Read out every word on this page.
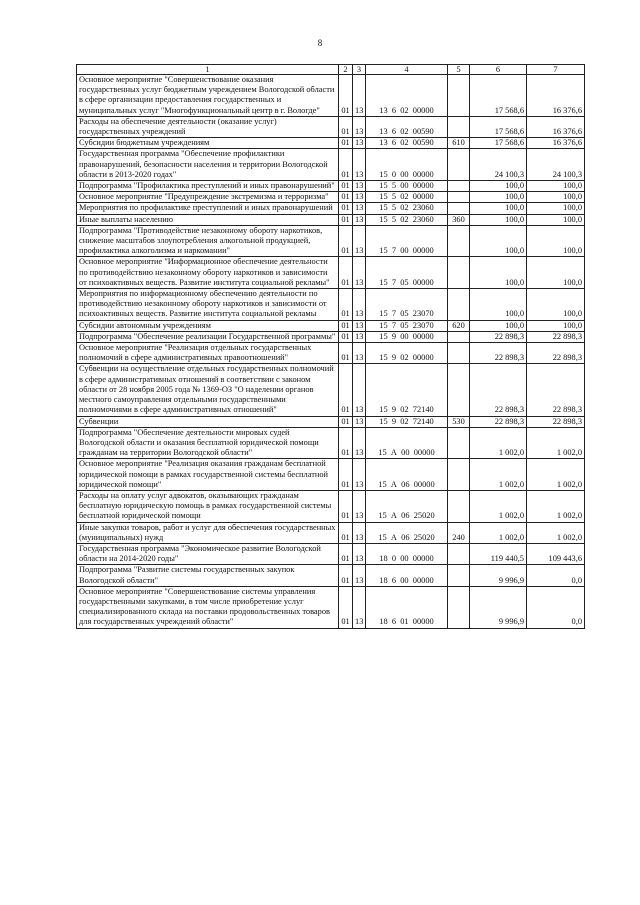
8
1	2	3	4	5	6	7
Основное мероприятие "Совершенствование оказания государственных услуг бюджетным учреждением Вологодской области в сфере организации предоставления государственных и муниципальных услуг "Многофункциональный центр в г. Вологде"	01	13	13  6  02  00000		17 568,6	16 376,6
Расходы на обеспечение деятельности (оказание услуг) государственных учреждений	01	13	13  6  02  00590		17 568,6	16 376,6
Субсидии бюджетным учреждениям	01	13	13  6  02  00590	610	17 568,6	16 376,6
Государственная программа "Обеспечение профилактики правонарушений, безопасности населения и территории Вологодской области в 2013-2020 годах"	01	13	15  0  00  00000		24 100,3	24 100,3
Подпрограмма "Профилактика преступлений и иных правонарушений"	01	13	15  5  00  00000		100,0	100,0
Основное мероприятие "Предупреждение экстремизма и терроризма"	01	13	15  5  02  00000		100,0	100,0
Мероприятия по профилактике преступлений и иных правонарушений	01	13	15  5  02  23060		100,0	100,0
Иные выплаты населению	01	13	15  5  02  23060	360	100,0	100,0
Подпрограмма "Противодействие незаконному обороту наркотиков, снижение масштабов злоупотребления алкогольной продукцией, профилактика алкоголизма и наркомании"	01	13	15  7  00  00000		100,0	100,0
Основное мероприятие "Информационное обеспечение деятельности по противодействию незаконному обороту наркотиков и зависимости от психоактивных веществ. Развитие института социальной рекламы"	01	13	15  7  05  00000		100,0	100,0
Мероприятия по информационному обеспечению деятельности по противодействию незаконному обороту наркотиков и зависимости от психоактивных веществ. Развитие института социальной рекламы	01	13	15  7  05  23070		100,0	100,0
Субсидии автономным учреждениям	01	13	15  7  05  23070	620	100,0	100,0
Подпрограмма "Обеспечение реализации Государственной программы"	01	13	15  9  00  00000		22 898,3	22 898,3
Основное мероприятие "Реализация отдельных государственных полномочий в сфере административных правоотношений"	01	13	15  9  02  00000		22 898,3	22 898,3
Субвенции на осуществление отдельных государственных полномочий в сфере административных отношений в соответствии с законом области от 28 ноября 2005 года № 1369-ОЗ "О наделении органов местного самоуправления отдельными государственными полномочиями в сфере административных отношений"	01	13	15  9  02  72140		22 898,3	22 898,3
Субвенции	01	13	15  9  02  72140	530	22 898,3	22 898,3
Подпрограмма "Обеспечение деятельности мировых судей Вологодской области и оказания бесплатной юридической помощи гражданам на территории Вологодской области"	01	13	15  А  00  00000		1 002,0	1 002,0
Основное мероприятие "Реализация оказания гражданам бесплатной юридической помощи в рамках государственной системы бесплатной юридической помощи"	01	13	15  А  06  00000		1 002,0	1 002,0
Расходы на оплату услуг адвокатов, оказывающих гражданам бесплатную юридическую помощь в рамках государственной системы бесплатной юридической помощи	01	13	15  А  06  25020		1 002,0	1 002,0
Иные закупки товаров, работ и услуг для обеспечения государственных (муниципальных) нужд	01	13	15  А  06  25020	240	1 002,0	1 002,0
Государственная программа "Экономическое развитие Вологодской области на 2014-2020 годы"	01	13	18  0  00  00000		119 440,5	109 443,6
Подпрограмма "Развитие системы государственных закупок Вологодской области"	01	13	18  6  00  00000		9 996,9	0,0
Основное мероприятие "Совершенствование системы управления государственными закупками, в том числе приобретение услуг специализированного склада на поставки продовольственных товаров для государственных учреждений области"	01	13	18  6  01  00000		9 996,9	0,0
